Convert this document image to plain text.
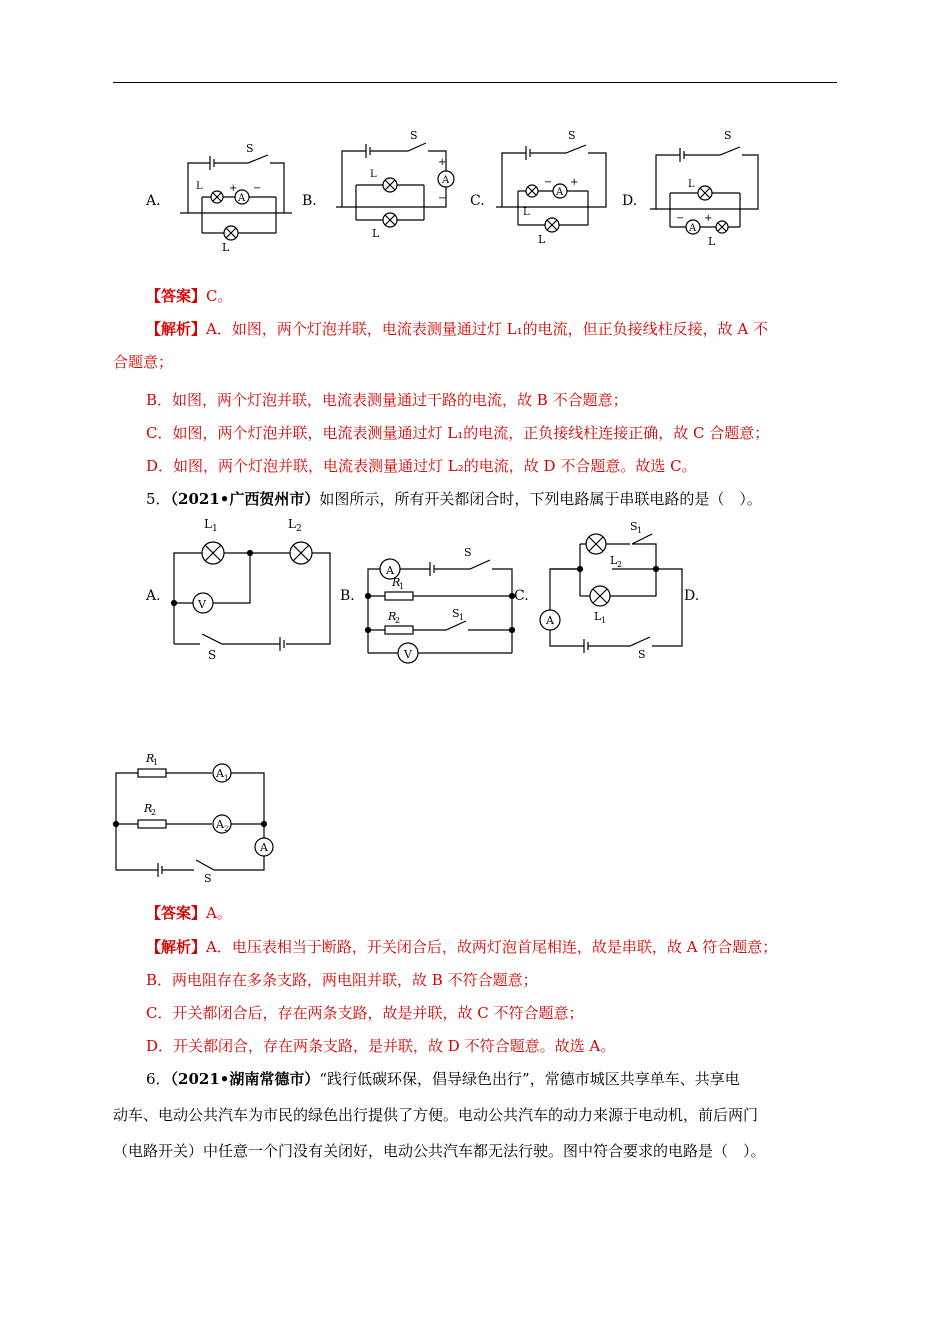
A.
S
L
A
+ −
L
B.
S
A
+
−
L
L
C.
S
A
− +
L
L
D.
S
L
A
− +
L
【答案】C。
【解析】A．如图，两个灯泡并联，电流表测量通过灯 L₁的电流，但正负接线柱反接，故 A 不
合题意；
B．如图，两个灯泡并联，电流表测量通过干路的电流，故 B 不合题意；
C．如图，两个灯泡并联，电流表测量通过灯 L₁的电流，正负接线柱连接正确，故 C 合题意；
D．如图，两个灯泡并联，电流表测量通过灯 L₂的电流，故 D 不合题意。故选 C。
5．（2021•广西贺州市）如图所示，所有开关都闭合时，下列电路属于串联电路的是（　）。
A.
L 1	L 2
V
S
B.
A
S
R
1
R
2
S 1
V
C.
S 1
L 2
L 1
A
S
D.
R
1
R
2
A 1
A 2
A
S
【答案】A。
【解析】A．电压表相当于断路，开关闭合后，故两灯泡首尾相连，故是串联，故 A 符合题意；
B．两电阻存在多条支路，两电阻并联，故 B 不符合题意；
C．开关都闭合后，存在两条支路，故是并联，故 C 不符合题意；
D．开关都闭合，存在两条支路，是并联，故 D 不符合题意。故选 A。
6．（2021•湖南常德市）“践行低碳环保，倡导绿色出行”，常德市城区共享单车、共享电
动车、电动公共汽车为市民的绿色出行提供了方便。电动公共汽车的动力来源于电动机，前后两门
（电路开关）中任意一个门没有关闭好，电动公共汽车都无法行驶。图中符合要求的电路是（　）。
